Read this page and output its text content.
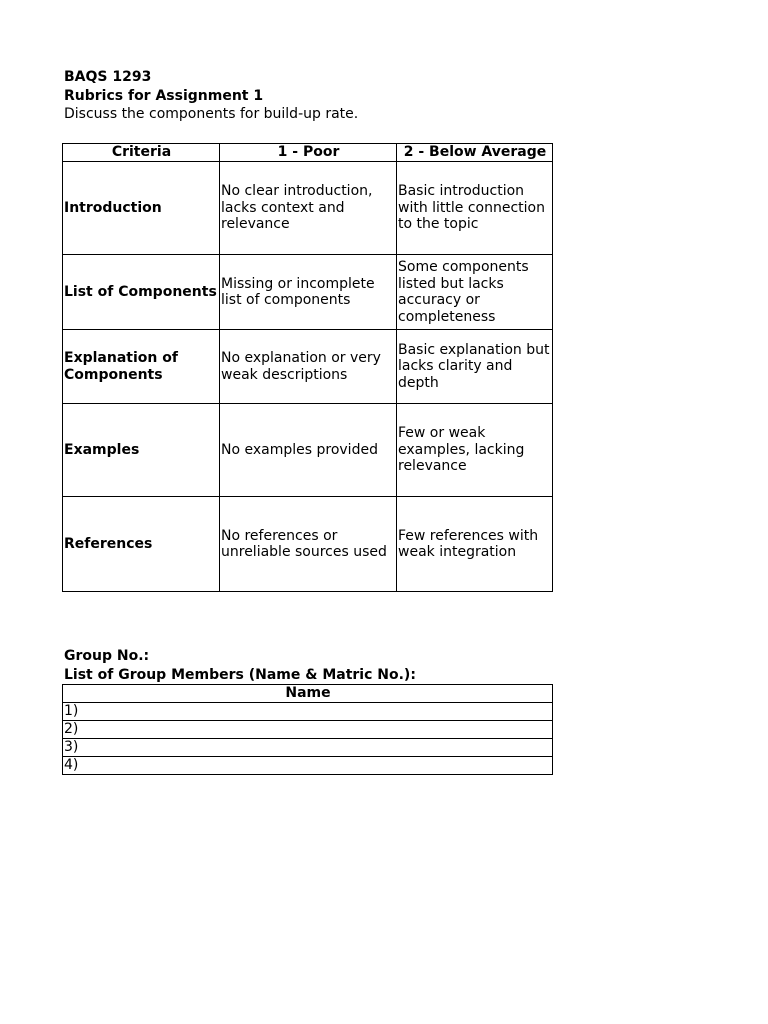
BAQS 1293
Rubrics for Assignment 1
Discuss the components for build-up rate.
Criteria	1 - Poor	2 - Below Average
Introduction	No clear introduction, lacks context and relevance	Basic introduction with little connection to the topic
List of Components	Missing or incomplete list of components	Some components listed but lacks accuracy or completeness
Explanation of Components	No explanation or very weak descriptions	Basic explanation but lacks clarity and depth
Examples	No examples provided	Few or weak examples, lacking relevance
References	No references or unreliable sources used	Few references with weak integration
Group No.:
List of Group Members (Name & Matric No.):
Name
1)
2)
3)
4)
